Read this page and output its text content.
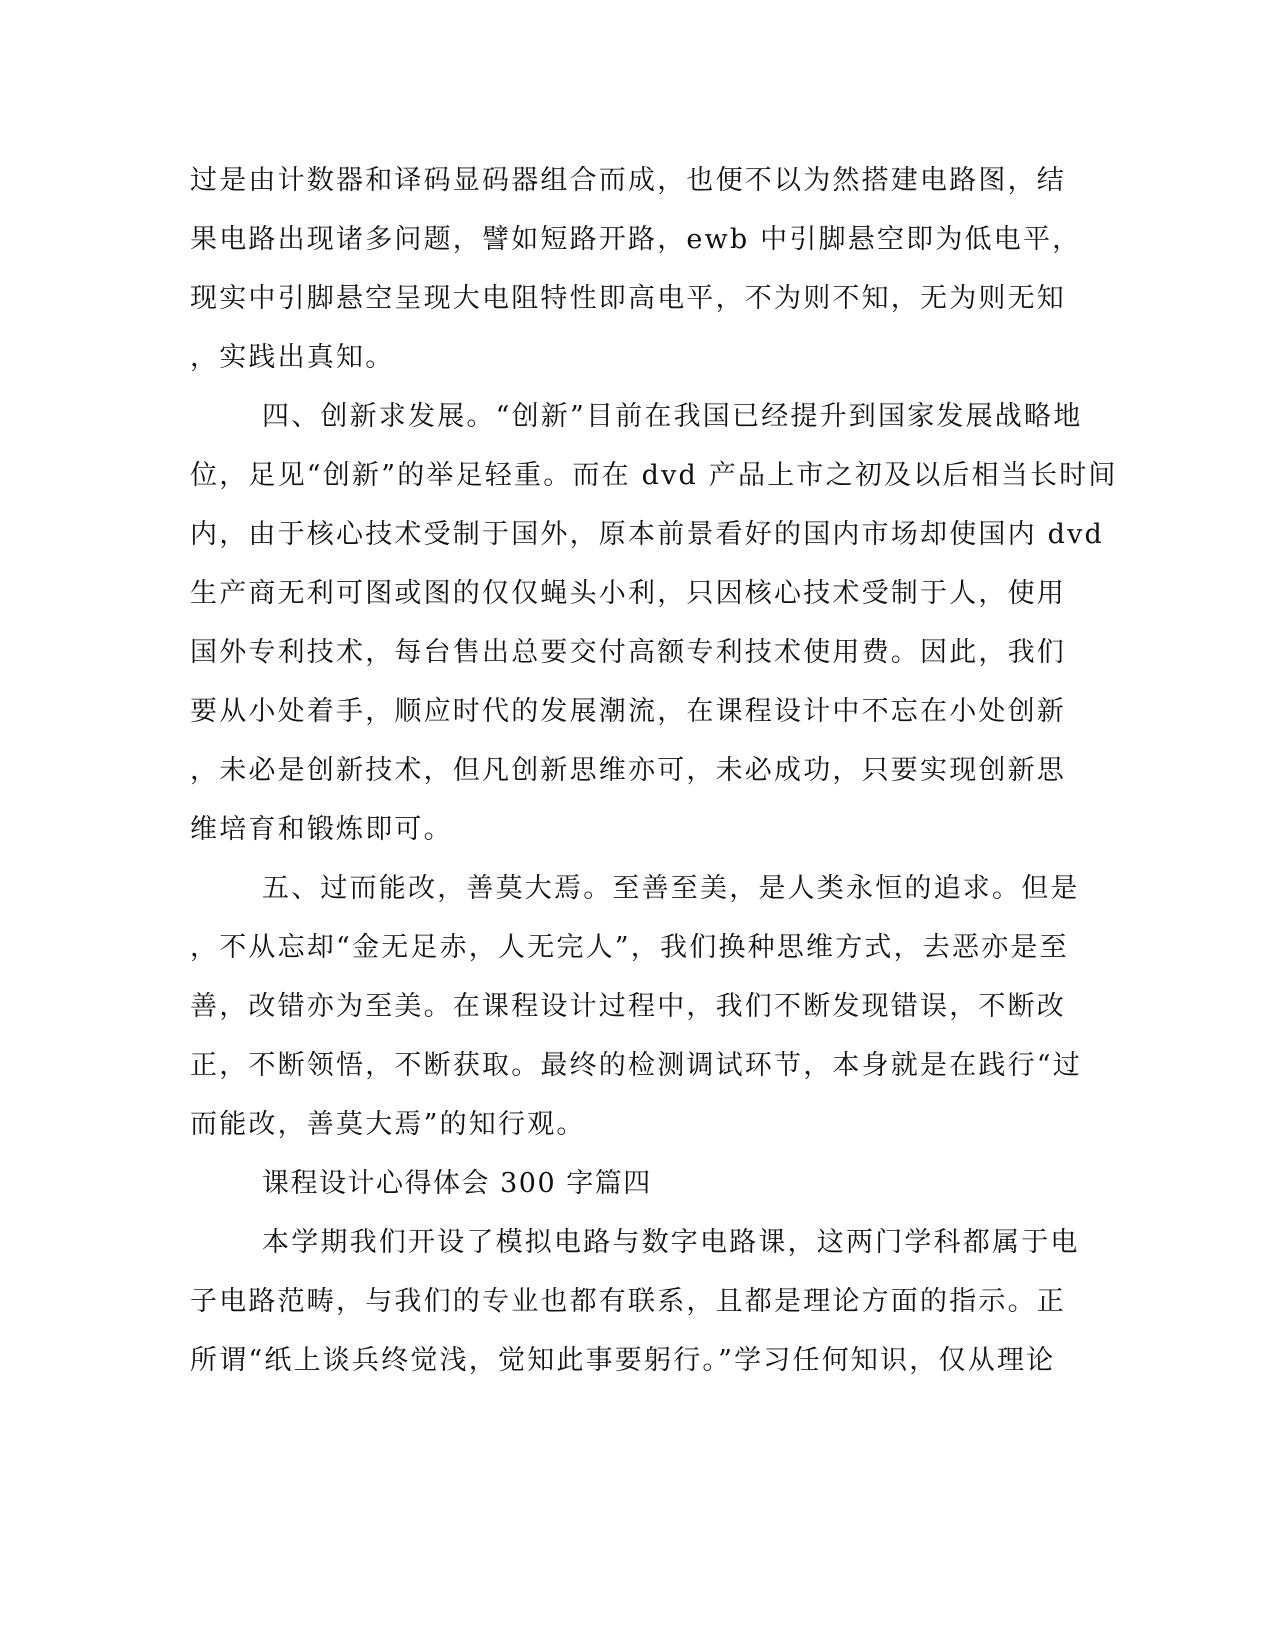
过是由计数器和译码显码器组合而成，也便不以为然搭建电路图，结

果电路出现诸多问题，譬如短路开路，ewb 中引脚悬空即为低电平，

现实中引脚悬空呈现大电阻特性即高电平，不为则不知，无为则无知

，实践出真知。

四、创新求发展。“创新”目前在我国已经提升到国家发展战略地

位，足见“创新”的举足轻重。而在 dvd 产品上市之初及以后相当长时间

内，由于核心技术受制于国外，原本前景看好的国内市场却使国内 dvd

生产商无利可图或图的仅仅蝇头小利，只因核心技术受制于人，使用

国外专利技术，每台售出总要交付高额专利技术使用费。因此，我们

要从小处着手，顺应时代的发展潮流，在课程设计中不忘在小处创新

，未必是创新技术，但凡创新思维亦可，未必成功，只要实现创新思

维培育和锻炼即可。

五、过而能改，善莫大焉。至善至美，是人类永恒的追求。但是

，不从忘却“金无足赤，人无完人”，我们换种思维方式，去恶亦是至

善，改错亦为至美。在课程设计过程中，我们不断发现错误，不断改

正，不断领悟，不断获取。最终的检测调试环节，本身就是在践行“过

而能改，善莫大焉”的知行观。

课程设计心得体会 300 字篇四

本学期我们开设了模拟电路与数字电路课，这两门学科都属于电

子电路范畴，与我们的专业也都有联系，且都是理论方面的指示。正

所谓“纸上谈兵终觉浅，觉知此事要躬行。”学习任何知识，仅从理论
